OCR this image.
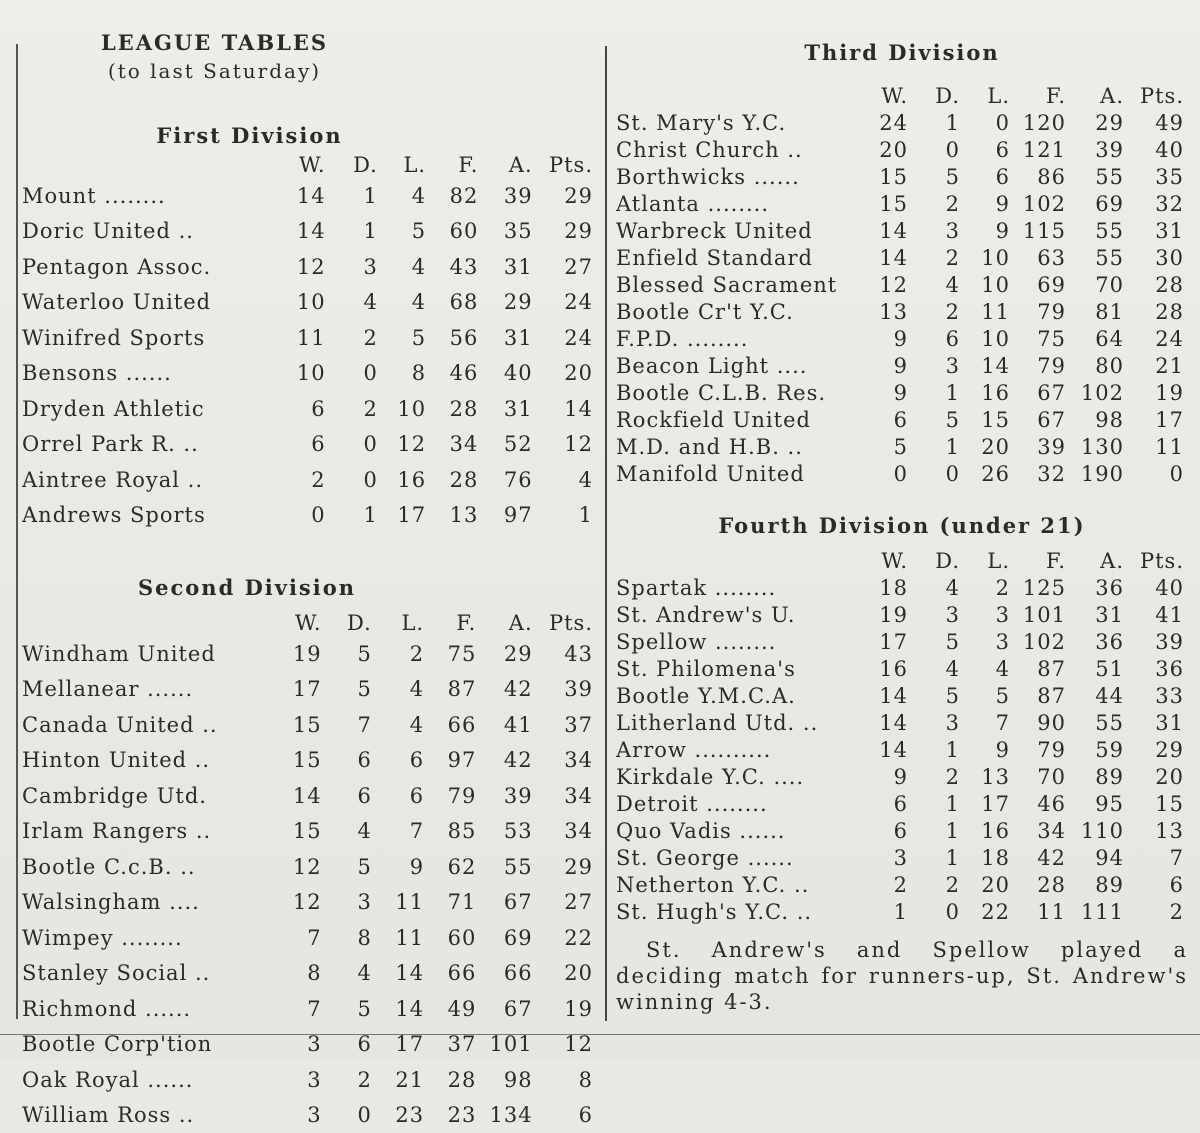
LEAGUE TABLES

(to last Saturday)

First Division

	W.	D.	L.	F.	A.	Pts.
Mount ........	14	1	4	82	39	29
Doric United ..	14	1	5	60	35	29
Pentagon Assoc.	12	3	4	43	31	27
Waterloo United	10	4	4	68	29	24
Winifred Sports	11	2	5	56	31	24
Bensons ......	10	0	8	46	40	20
Dryden Athletic	6	2	10	28	31	14
Orrel Park R. ..	6	0	12	34	52	12
Aintree Royal ..	2	0	16	28	76	4
Andrews Sports	0	1	17	13	97	1

Second Division

	W.	D.	L.	F.	A.	Pts.
Windham United	19	5	2	75	29	43
Mellanear ......	17	5	4	87	42	39
Canada United ..	15	7	4	66	41	37
Hinton United ..	15	6	6	97	42	34
Cambridge Utd.	14	6	6	79	39	34
Irlam Rangers ..	15	4	7	85	53	34
Bootle C.c.B. ..	12	5	9	62	55	29
Walsingham ....	12	3	11	71	67	27
Wimpey ........	7	8	11	60	69	22
Stanley Social ..	8	4	14	66	66	20
Richmond ......	7	5	14	49	67	19
Bootle Corp'tion	3	6	17	37	101	12
Oak Royal ......	3	2	21	28	98	8
William Ross ..	3	0	23	23	134	6

Third Division

	W.	D.	L.	F.	A.	Pts.
St. Mary's Y.C.	24	1	0	120	29	49
Christ Church ..	20	0	6	121	39	40
Borthwicks ......	15	5	6	86	55	35
Atlanta ........	15	2	9	102	69	32
Warbreck United	14	3	9	115	55	31
Enfield Standard	14	2	10	63	55	30
Blessed Sacrament	12	4	10	69	70	28
Bootle Cr't Y.C.	13	2	11	79	81	28
F.P.D. ........	9	6	10	75	64	24
Beacon Light ....	9	3	14	79	80	21
Bootle C.L.B. Res.	9	1	16	67	102	19
Rockfield United	6	5	15	67	98	17
M.D. and H.B. ..	5	1	20	39	130	11
Manifold United	0	0	26	32	190	0

Fourth Division (under 21)

	W.	D.	L.	F.	A.	Pts.
Spartak ........	18	4	2	125	36	40
St. Andrew's U.	19	3	3	101	31	41
Spellow ........	17	5	3	102	36	39
St. Philomena's	16	4	4	87	51	36
Bootle Y.M.C.A.	14	5	5	87	44	33
Litherland Utd. ..	14	3	7	90	55	31
Arrow ..........	14	1	9	79	59	29
Kirkdale Y.C. ....	9	2	13	70	89	20
Detroit ........	6	1	17	46	95	15
Quo Vadis ......	6	1	16	34	110	13
St. George ......	3	1	18	42	94	7
Netherton Y.C. ..	2	2	20	28	89	6
St. Hugh's Y.C. ..	1	0	22	11	111	2

St. Andrew's and Spellow played a deciding match for runners-up, St. Andrew's winning 4-3.
